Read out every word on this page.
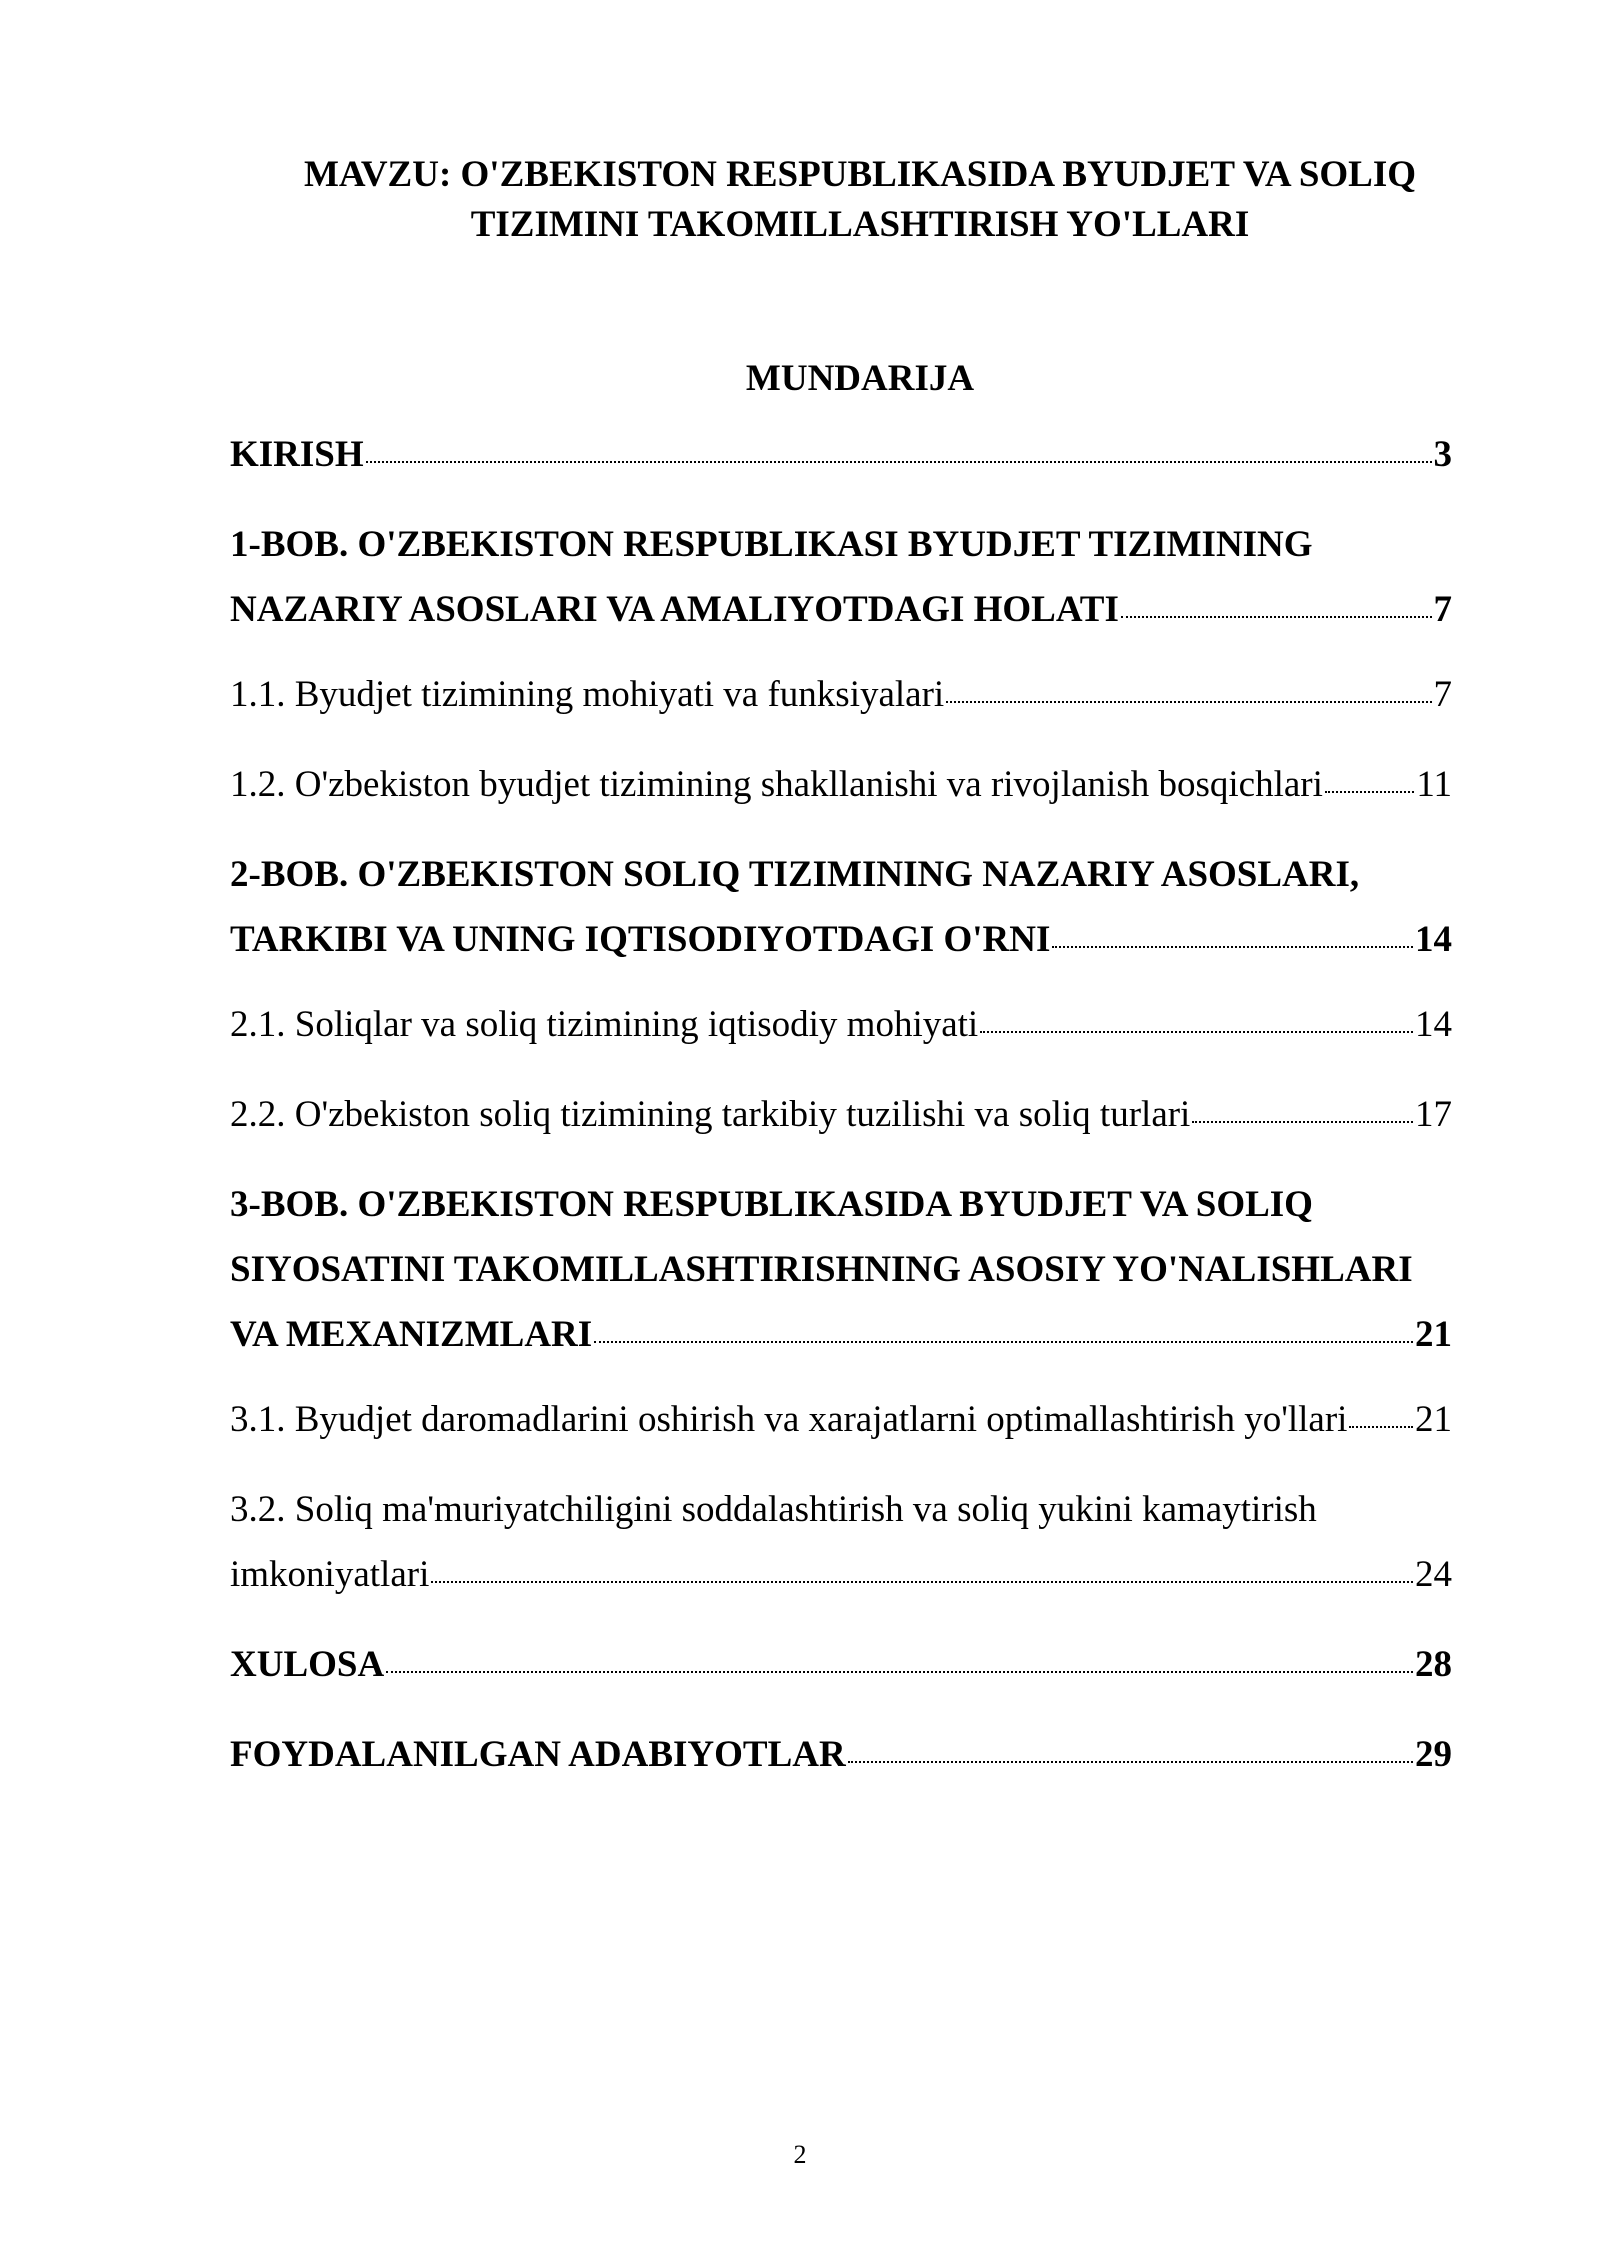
MAVZU: O'ZBEKISTON RESPUBLIKASIDA BYUDJET VA SOLIQ
TIZIMINI TAKOMILLASHTIRISH YO'LLARI
MUNDARIJA
KIRISH	3
1-BOB. O'ZBEKISTON RESPUBLIKASI BYUDJET TIZIMINING
NAZARIY ASOSLARI VA AMALIYOTDAGI HOLATI	7
1.1. Byudjet tizimining mohiyati va funksiyalari	7
1.2. O'zbekiston byudjet tizimining shakllanishi va rivojlanish bosqichlari	11
2-BOB. O'ZBEKISTON SOLIQ TIZIMINING NAZARIY ASOSLARI,
TARKIBI VA UNING IQTISODIYOTDAGI O'RNI	14
2.1. Soliqlar va soliq tizimining iqtisodiy mohiyati	14
2.2. O'zbekiston soliq tizimining tarkibiy tuzilishi va soliq turlari	17
3-BOB. O'ZBEKISTON RESPUBLIKASIDA BYUDJET VA SOLIQ
SIYOSATINI TAKOMILLASHTIRISHNING ASOSIY YO'NALISHLARI
VA MEXANIZMLARI	21
3.1. Byudjet daromadlarini oshirish va xarajatlarni optimallashtirish yo'llari 21
3.2. Soliq ma'muriyatchiligini soddalashtirish va soliq yukini kamaytirish
imkoniyatlari	24
XULOSA	28
FOYDALANILGAN ADABIYOTLAR	29
2
